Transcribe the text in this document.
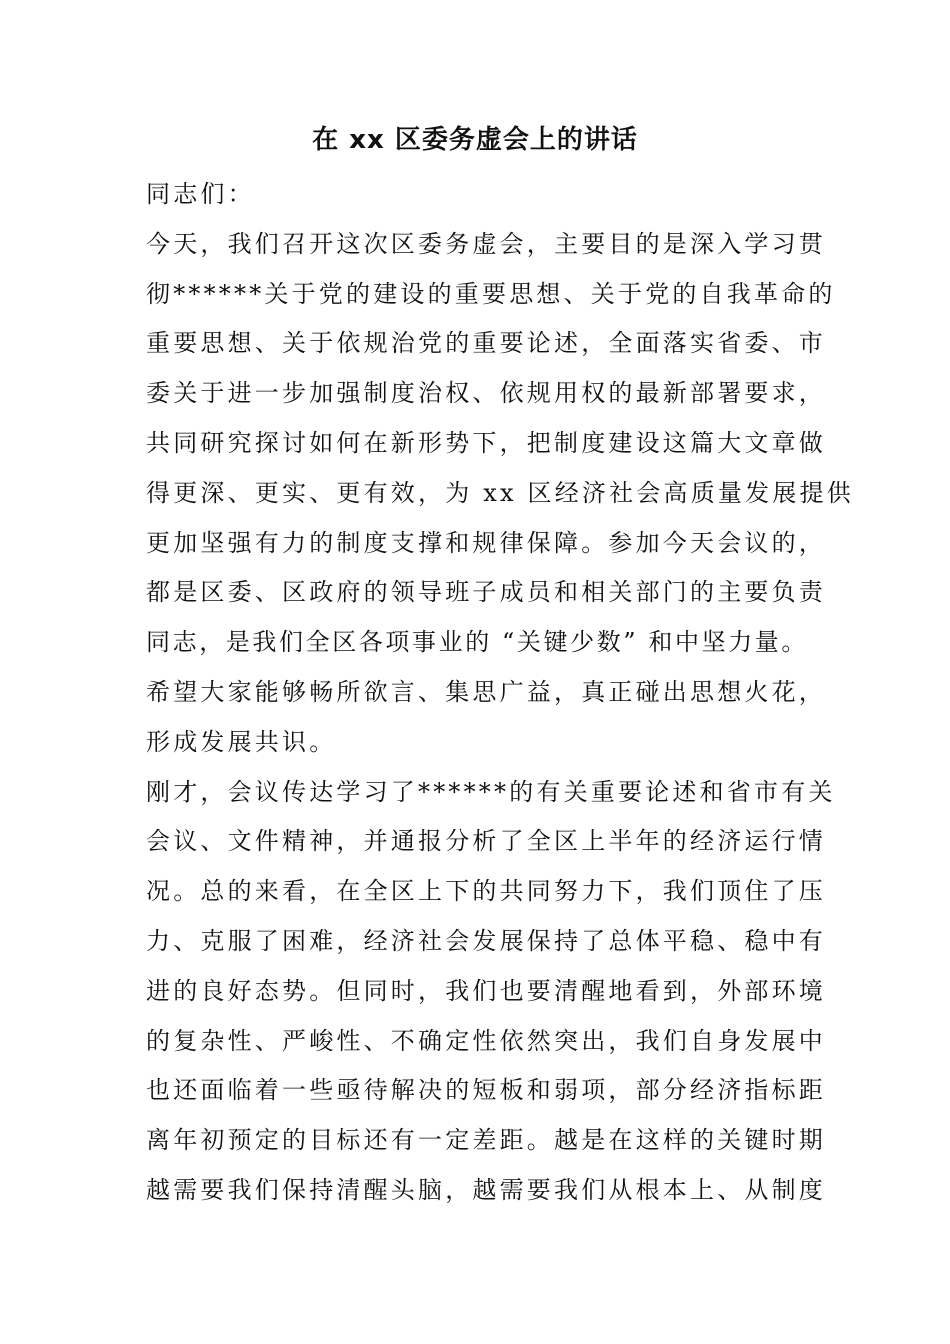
在 xx 区委务虚会上的讲话
同志们：
今天，我们召开这次区委务虚会，主要目的是深入学习贯
彻******关于党的建设的重要思想、关于党的自我革命的
重要思想、关于依规治党的重要论述，全面落实省委、市
委关于进一步加强制度治权、依规用权的最新部署要求，
共同研究探讨如何在新形势下，把制度建设这篇大文章做
得更深、更实、更有效，为 xx 区经济社会高质量发展提供
更加坚强有力的制度支撑和规律保障。参加今天会议的，
都是区委、区政府的领导班子成员和相关部门的主要负责
同志，是我们全区各项事业的 “关键少数” 和中坚力量。
希望大家能够畅所欲言、集思广益，真正碰出思想火花，
形成发展共识。
刚才，会议传达学习了******的有关重要论述和省市有关
会议、文件精神，并通报分析了全区上半年的经济运行情
况。总的来看，在全区上下的共同努力下，我们顶住了压
力、克服了困难，经济社会发展保持了总体平稳、稳中有
进的良好态势。但同时，我们也要清醒地看到，外部环境
的复杂性、严峻性、不确定性依然突出，我们自身发展中
也还面临着一些亟待解决的短板和弱项，部分经济指标距
离年初预定的目标还有一定差距。越是在这样的关键时期
越需要我们保持清醒头脑，越需要我们从根本上、从制度
